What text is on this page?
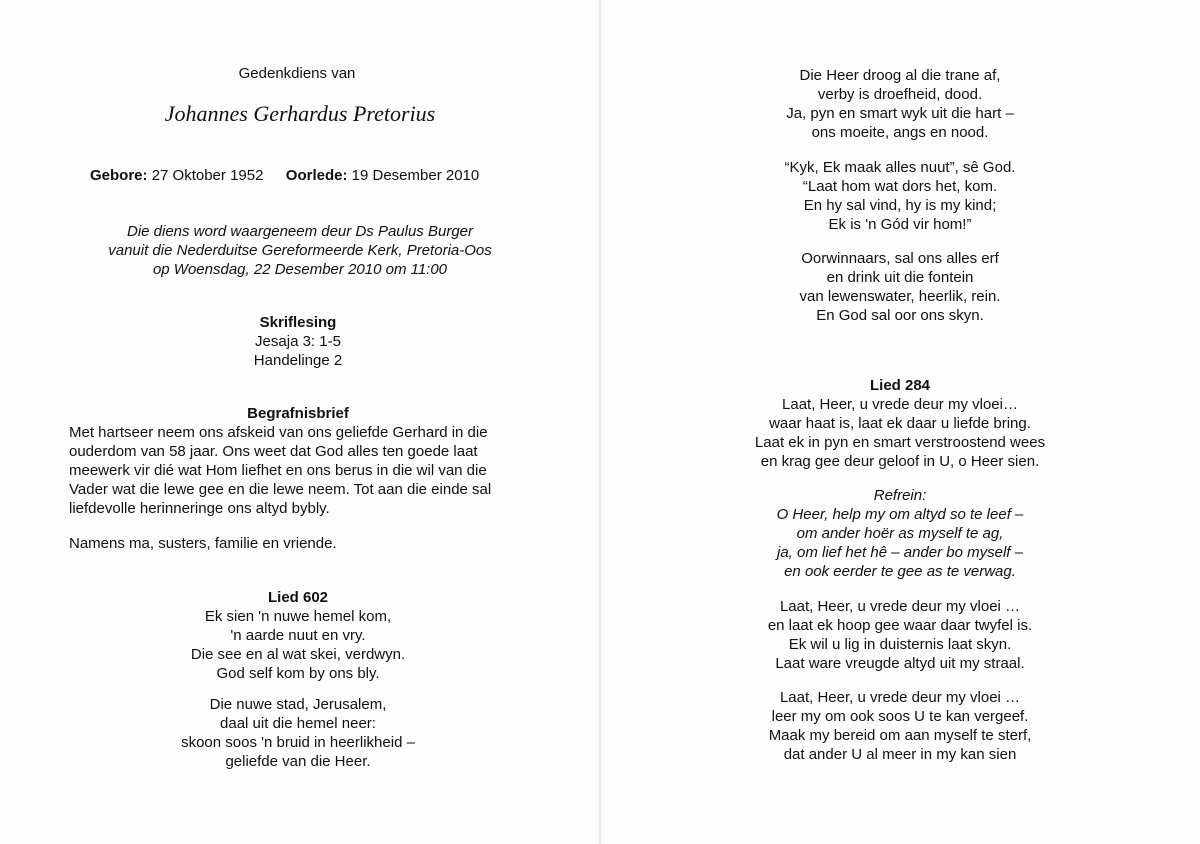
Gedenkdiens van
Johannes Gerhardus Pretorius
Gebore: 27 Oktober 1952 Oorlede: 19 Desember 2010
Die diens word waargeneem deur Ds Paulus Burger
vanuit die Nederduitse Gereformeerde Kerk, Pretoria-Oos
op Woensdag, 22 Desember 2010 om 11:00
Skriflesing
Jesaja 3: 1-5
Handelinge 2
Begrafnisbrief

Met hartseer neem ons afskeid van ons geliefde Gerhard in die

ouderdom van 58 jaar. Ons weet dat God alles ten goede laat

meewerk vir dié wat Hom liefhet en ons berus in die wil van die

Vader wat die lewe gee en die lewe neem. Tot aan die einde sal

liefdevolle herinneringe ons altyd bybly.

Namens ma, susters, familie en vriende.
Lied 602
Ek sien 'n nuwe hemel kom,
'n aarde nuut en vry.
Die see en al wat skei, verdwyn.
God self kom by ons bly.
Die nuwe stad, Jerusalem,
daal uit die hemel neer:
skoon soos 'n bruid in heerlikheid –
geliefde van die Heer.
Die Heer droog al die trane af,
verby is droefheid, dood.
Ja, pyn en smart wyk uit die hart –
ons moeite, angs en nood.
“Kyk, Ek maak alles nuut”, sê God.
“Laat hom wat dors het, kom.
En hy sal vind, hy is my kind;
Ek is 'n Gód vir hom!”
Oorwinnaars, sal ons alles erf
en drink uit die fontein
van lewenswater, heerlik, rein.
En God sal oor ons skyn.
Lied 284
Laat, Heer, u vrede deur my vloei…
waar haat is, laat ek daar u liefde bring.
Laat ek in pyn en smart verstroostend wees
en krag gee deur geloof in U, o Heer sien.
Refrein:
O Heer, help my om altyd so te leef –
om ander hoër as myself te ag,
ja, om lief het hê – ander bo myself –
en ook eerder te gee as te verwag.
Laat, Heer, u vrede deur my vloei …
en laat ek hoop gee waar daar twyfel is.
Ek wil u lig in duisternis laat skyn.
Laat ware vreugde altyd uit my straal.
Laat, Heer, u vrede deur my vloei …
leer my om ook soos U te kan vergeef.
Maak my bereid om aan myself te sterf,
dat ander U al meer in my kan sien
